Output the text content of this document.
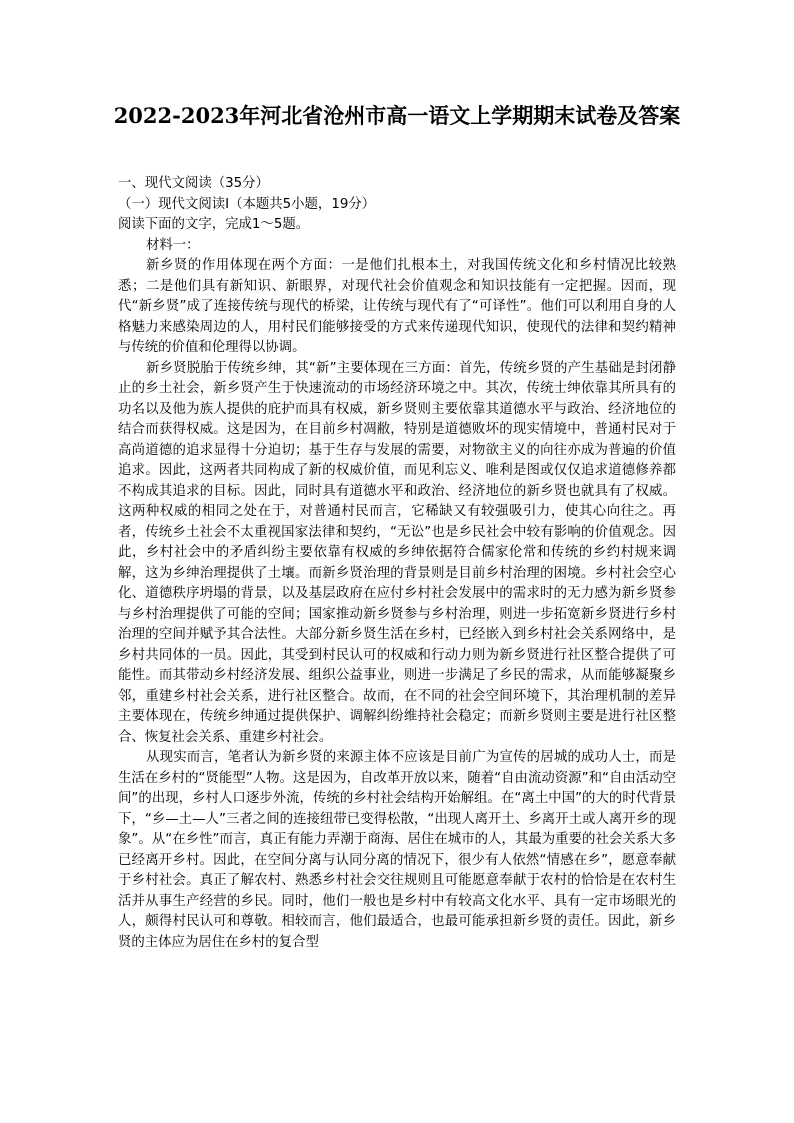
2022-2023年河北省沧州市高一语文上学期期末试卷及答案

一、现代文阅读（35分）

（一）现代文阅读Ⅰ（本题共5小题，19分）

阅读下面的文字，完成1～5题。

材料一：

新乡贤的作用体现在两个方面：一是他们扎根本土，对我国传统文化和乡村情况比较熟悉；二是他们具有新知识、新眼界，对现代社会价值观念和知识技能有一定把握。因而，现代“新乡贤”成了连接传统与现代的桥梁，让传统与现代有了“可译性”。他们可以利用自身的人格魅力来感染周边的人，用村民们能够接受的方式来传递现代知识，使现代的法律和契约精神与传统的价值和伦理得以协调。

新乡贤脱胎于传统乡绅，其“新”主要体现在三方面：首先，传统乡贤的产生基础是封闭静止的乡土社会，新乡贤产生于快速流动的市场经济环境之中。其次，传统士绅依靠其所具有的功名以及他为族人提供的庇护而具有权威，新乡贤则主要依靠其道德水平与政治、经济地位的结合而获得权威。这是因为，在目前乡村凋敝，特别是道德败坏的现实情境中，普通村民对于高尚道德的追求显得十分迫切；基于生存与发展的需要，对物欲主义的向往亦成为普遍的价值追求。因此，这两者共同构成了新的权威价值，而见利忘义、唯利是图或仅仅追求道德修养都不构成其追求的目标。因此，同时具有道德水平和政治、经济地位的新乡贤也就具有了权威。这两种权威的相同之处在于，对普通村民而言，它稀缺又有较强吸引力，使其心向往之。再者，传统乡土社会不太重视国家法律和契约，“无讼”也是乡民社会中较有影响的价值观念。因此，乡村社会中的矛盾纠纷主要依靠有权威的乡绅依据符合儒家伦常和传统的乡约村规来调解，这为乡绅治理提供了土壤。而新乡贤治理的背景则是目前乡村治理的困境。乡村社会空心化、道德秩序坍塌的背景，以及基层政府在应付乡村社会发展中的需求时的无力感为新乡贤参与乡村治理提供了可能的空间；国家推动新乡贤参与乡村治理，则进一步拓宽新乡贤进行乡村治理的空间并赋予其合法性。大部分新乡贤生活在乡村，已经嵌入到乡村社会关系网络中，是乡村共同体的一员。因此，其受到村民认可的权威和行动力则为新乡贤进行社区整合提供了可能性。而其带动乡村经济发展、组织公益事业，则进一步满足了乡民的需求，从而能够凝聚乡邻，重建乡村社会关系，进行社区整合。故而，在不同的社会空间环境下，其治理机制的差异主要体现在，传统乡绅通过提供保护、调解纠纷维持社会稳定；而新乡贤则主要是进行社区整合、恢复社会关系、重建乡村社会。

从现实而言，笔者认为新乡贤的来源主体不应该是目前广为宣传的居城的成功人士，而是生活在乡村的“贤能型”人物。这是因为，自改革开放以来，随着“自由流动资源”和“自由活动空间”的出现，乡村人口逐步外流，传统的乡村社会结构开始解组。在“离土中国”的大的时代背景下，“乡—土—人”三者之间的连接纽带已变得松散，“出现人离开土、乡离开土或人离开乡的现象”。从“在乡性”而言，真正有能力弄潮于商海、居住在城市的人，其最为重要的社会关系大多已经离开乡村。因此，在空间分离与认同分离的情况下，很少有人依然“情感在乡”，愿意奉献于乡村社会。真正了解农村、熟悉乡村社会交往规则且可能愿意奉献于农村的恰恰是在农村生活并从事生产经营的乡民。同时，他们一般也是乡村中有较高文化水平、具有一定市场眼光的人，颇得村民认可和尊敬。相较而言，他们最适合，也最可能承担新乡贤的责任。因此，新乡贤的主体应为居住在乡村的复合型
